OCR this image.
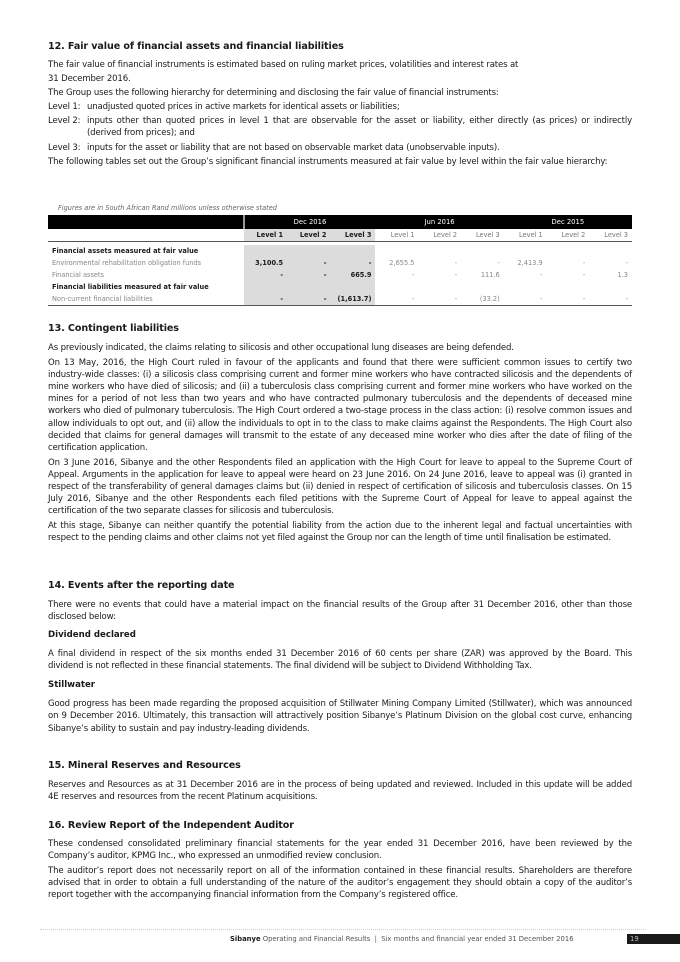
12. Fair value of financial assets and financial liabilities

The fair value of financial instruments is estimated based on ruling market prices, volatilities and interest rates at

31 December 2016.

The Group uses the following hierarchy for determining and disclosing the fair value of financial instruments:

Level 1: unadjusted quoted prices in active markets for identical assets or liabilities;
Level 2: inputs other than quoted prices in level 1 that are observable for the asset or liability, either directly (as prices) or indirectly (derived from prices); and
Level 3: inputs for the asset or liability that are not based on observable market data (unobservable inputs).

The following tables set out the Group’s significant financial instruments measured at fair value by level within the fair value hierarchy:

Figures are in South African Rand millions unless otherwise stated
	Dec 2016			Jun 2016			Dec 2015		
	Level 1	Level 2	Level 3	Level 1	Level 2	Level 3	Level 1	Level 2	Level 3

Financial assets measured at fair value									
Environmental rehabilitation obligation funds	3,100.5	-	-	2,655.5	-	-	2,413.9	-	-
Financial assets	-	-	665.9	-	-	111.6	-	-	1.3
Financial liabilities measured at fair value									
Non-current financial liabilities	-	-	(1,613.7)	-	-	(33.2)	-	-	-
13. Contingent liabilities

As previously indicated, the claims relating to silicosis and other occupational lung diseases are being defended.

On 13 May, 2016, the High Court ruled in favour of the applicants and found that there were sufficient common issues to certify two industry-wide classes: (i) a silicosis class comprising current and former mine workers who have contracted silicosis and the dependents of mine workers who have died of silicosis; and (ii) a tuberculosis class comprising current and former mine workers who have worked on the mines for a period of not less than two years and who have contracted pulmonary tuberculosis and the dependents of deceased mine workers who died of pulmonary tuberculosis. The High Court ordered a two-stage process in the class action: (i) resolve common issues and allow individuals to opt out, and (ii) allow the individuals to opt in to the class to make claims against the Respondents. The High Court also decided that claims for general damages will transmit to the estate of any deceased mine worker who dies after the date of filing of the certification application.

On 3 June 2016, Sibanye and the other Respondents filed an application with the High Court for leave to appeal to the Supreme Court of Appeal. Arguments in the application for leave to appeal were heard on 23 June 2016. On 24 June 2016, leave to appeal was (i) granted in respect of the transferability of general damages claims but (ii) denied in respect of certification of silicosis and tuberculosis classes. On 15 July 2016, Sibanye and the other Respondents each filed petitions with the Supreme Court of Appeal for leave to appeal against the certification of the two separate classes for silicosis and tuberculosis.

At this stage, Sibanye can neither quantify the potential liability from the action due to the inherent legal and factual uncertainties with respect to the pending claims and other claims not yet filed against the Group nor can the length of time until finalisation be estimated.

14. Events after the reporting date

There were no events that could have a material impact on the financial results of the Group after 31 December 2016, other than those disclosed below:

Dividend declared

A final dividend in respect of the six months ended 31 December 2016 of 60 cents per share (ZAR) was approved by the Board. This dividend is not reflected in these financial statements. The final dividend will be subject to Dividend Withholding Tax.

Stillwater

Good progress has been made regarding the proposed acquisition of Stillwater Mining Company Limited (Stillwater), which was announced on 9 December 2016. Ultimately, this transaction will attractively position Sibanye’s Platinum Division on the global cost curve, enhancing Sibanye’s ability to sustain and pay industry-leading dividends.

15. Mineral Reserves and Resources

Reserves and Resources as at 31 December 2016 are in the process of being updated and reviewed. Included in this update will be added 4E reserves and resources from the recent Platinum acquisitions.

16. Review Report of the Independent Auditor

These condensed consolidated preliminary financial statements for the year ended 31 December 2016, have been reviewed by the Company’s auditor, KPMG Inc., who expressed an unmodified review conclusion.

The auditor’s report does not necessarily report on all of the information contained in these financial results. Shareholders are therefore advised that in order to obtain a full understanding of the nature of the auditor’s engagement they should obtain a copy of the auditor’s report together with the accompanying financial information from the Company’s registered office.

Sibanye Operating and Financial Results  |  Six months and financial year ended 31 December 2016	19
